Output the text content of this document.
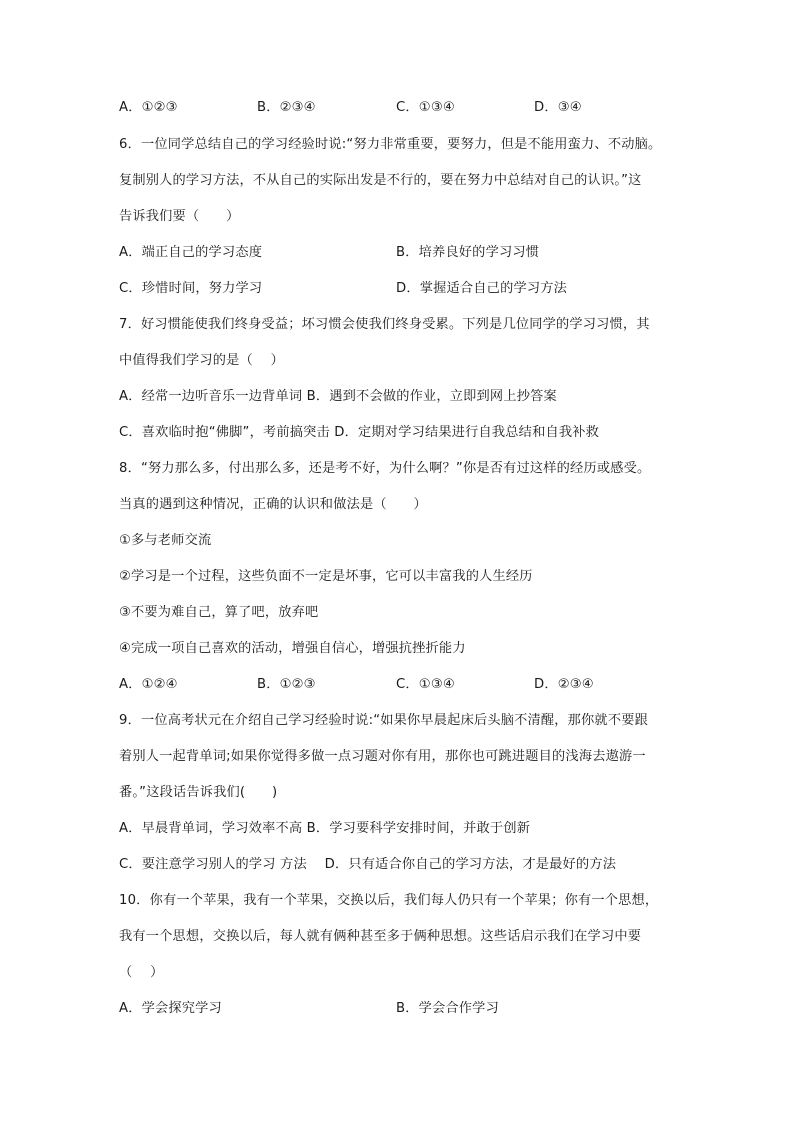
A．①②③	B．②③④	C．①③④	D．③④
6．一位同学总结自己的学习经验时说:“努力非常重要，要努力，但是不能用蛮力、不动脑。
复制别人的学习方法，不从自己的实际出发是不行的，要在努力中总结对自己的认识。”这
告诉我们要（　　）
A．端正自己的学习态度	B．培养良好的学习习惯
C．珍惜时间，努力学习	D．掌握适合自己的学习方法
7．好习惯能使我们终身受益；坏习惯会使我们终身受累。下列是几位同学的学习习惯，其
中值得我们学习的是（　 ）
A．经常一边听音乐一边背单词 B．遇到不会做的作业，立即到网上抄答案
C．喜欢临时抱“佛脚”，考前搞突击 D．定期对学习结果进行自我总结和自我补救
8．“努力那么多，付出那么多，还是考不好，为什么啊？”你是否有过这样的经历或感受。
当真的遇到这种情况，正确的认识和做法是（　　）
①多与老师交流
②学习是一个过程，这些负面不一定是坏事，它可以丰富我的人生经历
③不要为难自己，算了吧，放弃吧
④完成一项自己喜欢的活动，增强自信心，增强抗挫折能力
A．①②④	B．①②③	C．①③④	D．②③④
9．一位高考状元在介绍自己学习经验时说:“如果你早晨起床后头脑不清醒，那你就不要跟
着别人一起背单词;如果你觉得多做一点习题对你有用，那你也可跳进题目的浅海去遨游一
番。”这段话告诉我们(　　)
A．早晨背单词，学习效率不高 B．学习要科学安排时间，并敢于创新
C．要注意学习别人的学习 方法　 D．只有适合你自己的学习方法，才是最好的方法
10．你有一个苹果，我有一个苹果，交换以后，我们每人仍只有一个苹果；你有一个思想，
我有一个思想，交换以后，每人就有俩种甚至多于俩种思想。这些话启示我们在学习中要
（　 ）
A．学会探究学习	B．学会合作学习
